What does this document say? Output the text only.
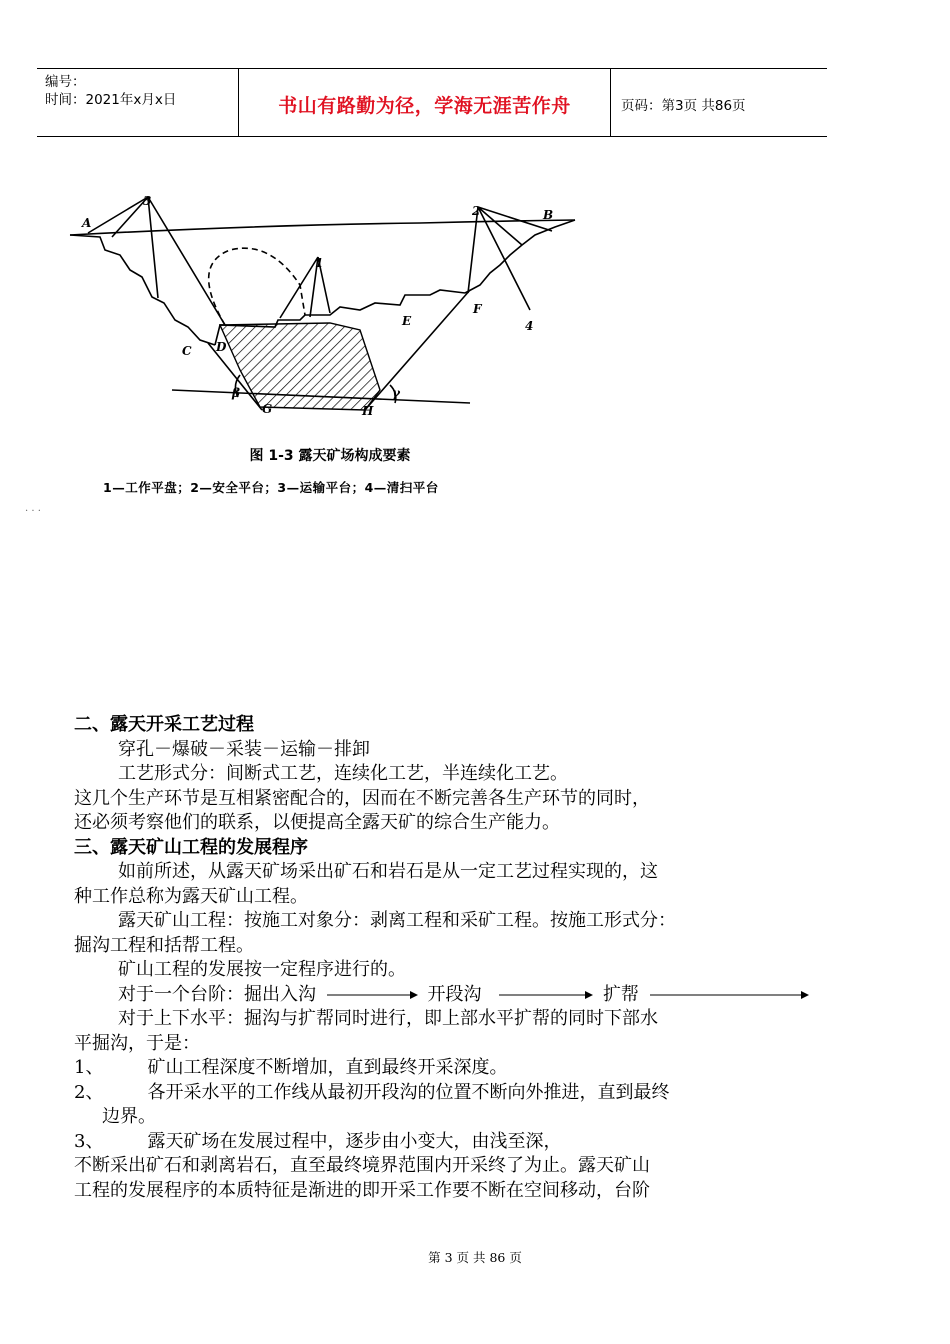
编号：
时间：2021年x月x日	书山有路勤为径，学海无涯苦作舟	页码：第3页 共86页
A
B
C D
E
F
G	H
1
2
3
4
β	γ
图 1-3 露天矿场构成要素
1—工作平盘；2—安全平台；3—运输平台；4—清扫平台
. . .
二、露天开采工艺过程
穿孔－爆破－采装－运输－排卸
工艺形式分：间断式工艺，连续化工艺，半连续化工艺。
这几个生产环节是互相紧密配合的，因而在不断完善各生产环节的同时，
还必须考察他们的联系，以便提高全露天矿的综合生产能力。
三、露天矿山工程的发展程序
如前所述，从露天矿场采出矿石和岩石是从一定工艺过程实现的，这
种工作总称为露天矿山工程。
露天矿山工程：按施工对象分：剥离工程和采矿工程。按施工形式分：
掘沟工程和括帮工程。
矿山工程的发展按一定程序进行的。
对于一个台阶：掘出入沟	开段沟	扩帮
对于上下水平：掘沟与扩帮同时进行，即上部水平扩帮的同时下部水
平掘沟，于是：
1、 矿山工程深度不断增加，直到最终开采深度。
2、 各开采水平的工作线从最初开段沟的位置不断向外推进，直到最终
边界。
3、 露天矿场在发展过程中，逐步由小变大，由浅至深，
不断采出矿石和剥离岩石，直至最终境界范围内开采终了为止。露天矿山
工程的发展程序的本质特征是渐进的即开采工作要不断在空间移动，台阶
第 3 页 共 86 页
